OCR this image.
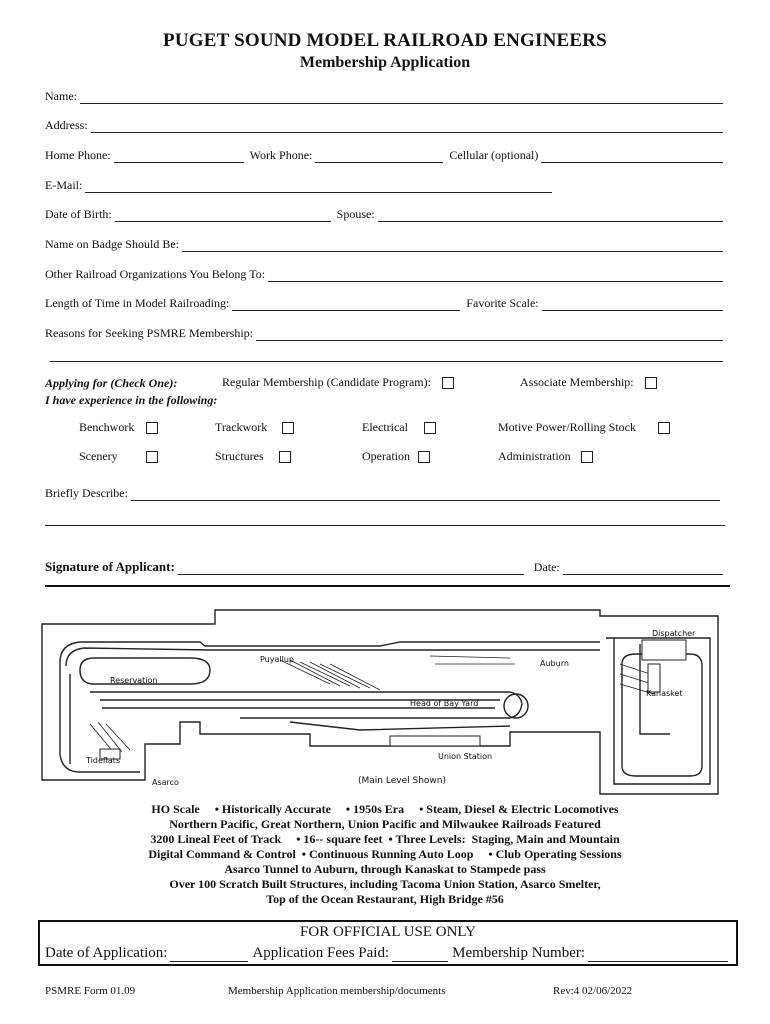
PUGET SOUND MODEL RAILROAD ENGINEERS
Membership Application
Name:
Address:
Home Phone:	Work Phone:	Cellular (optional)
E-Mail:
Date of Birth:	Spouse:
Name on Badge Should Be:
Other Railroad Organizations You Belong To:
Length of Time in Model Railroading:	Favorite Scale:
Reasons for Seeking PSMRE Membership:
Applying for (Check One):	Regular Membership (Candidate Program):	Associate Membership:
I have experience in the following:
Benchwork	Trackwork	Electrical	Motive Power/Rolling Stock
Scenery	Structures	Operation	Administration
Briefly Describe:
Signature of Applicant:	Date:
Dispatcher
Puyallup	Auburn
Reservation
Kanasket
Head of Bay Yard
Tideflats	Union Station
Asarco	(Main Level Shown)
HO Scale     • Historically Accurate     • 1950s Era     • Steam, Diesel & Electric Locomotives
Northern Pacific, Great Northern, Union Pacific and Milwaukee Railroads Featured
3200 Lineal Feet of Track     • 16-- square feet  • Three Levels:  Staging, Main and Mountain
Digital Command & Control  • Continuous Running Auto Loop     • Club Operating Sessions
Asarco Tunnel to Auburn, through Kanaskat to Stampede pass
Over 100 Scratch Built Structures, including Tacoma Union Station, Asarco Smelter,
Top of the Ocean Restaurant, High Bridge #56
FOR OFFICIAL USE ONLY
Date of Application:	Application Fees Paid:	Membership Number:
PSMRE Form 01.09	Membership Application membership/documents	Rev:4 02/06/2022
